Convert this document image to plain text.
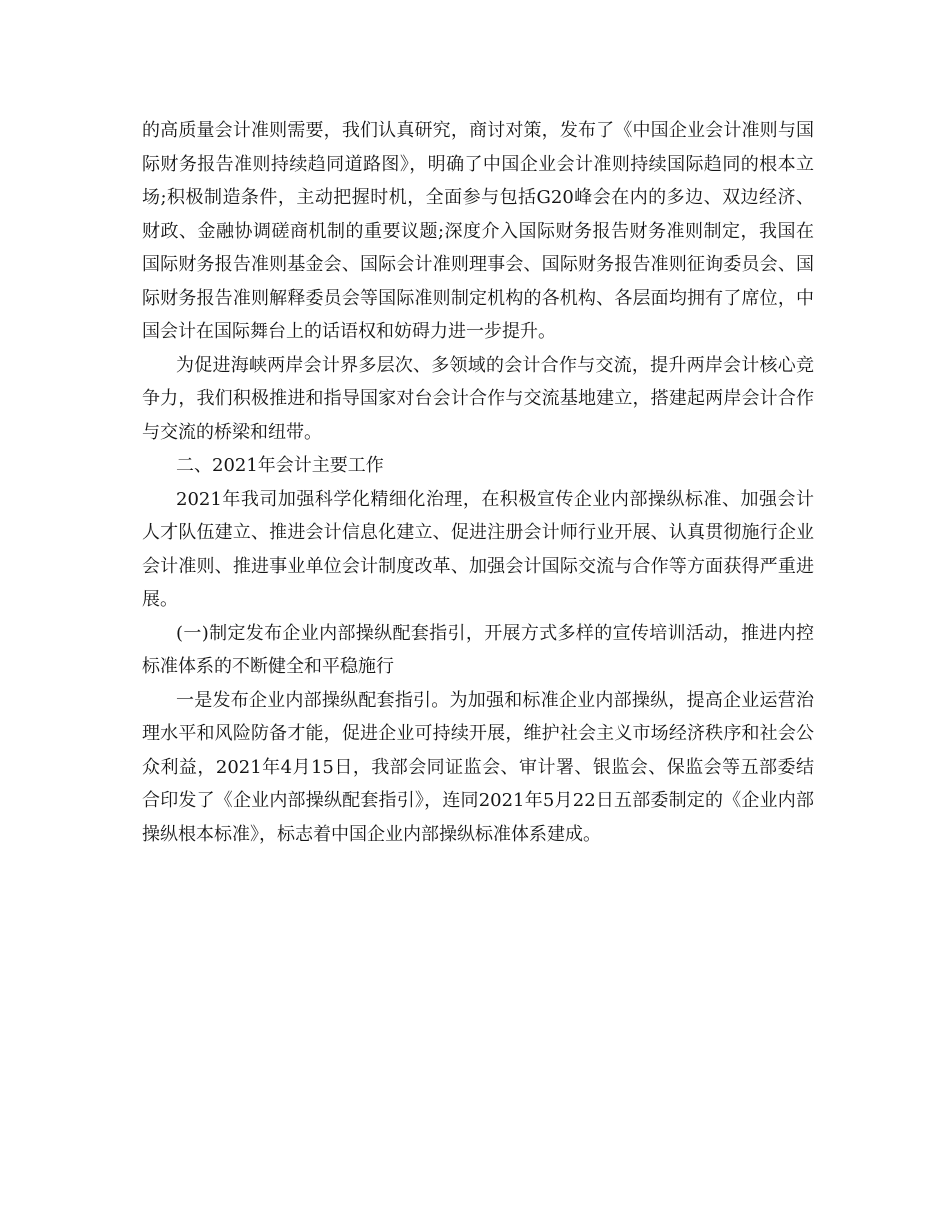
的高质量会计准则需要，我们认真研究，商讨对策，发布了《中国企业会计准则与国际财务报告准则持续趋同道路图》，明确了中国企业会计准则持续国际趋同的根本立场;积极制造条件，主动把握时机，全面参与包括G20峰会在内的多边、双边经济、财政、金融协调磋商机制的重要议题;深度介入国际财务报告财务准则制定，我国在国际财务报告准则基金会、国际会计准则理事会、国际财务报告准则征询委员会、国际财务报告准则解释委员会等国际准则制定机构的各机构、各层面均拥有了席位，中国会计在国际舞台上的话语权和妨碍力进一步提升。

为促进海峡两岸会计界多层次、多领域的会计合作与交流，提升两岸会计核心竞争力，我们积极推进和指导国家对台会计合作与交流基地建立，搭建起两岸会计合作与交流的桥梁和纽带。

二、2021年会计主要工作

2021年我司加强科学化精细化治理，在积极宣传企业内部操纵标准、加强会计人才队伍建立、推进会计信息化建立、促进注册会计师行业开展、认真贯彻施行企业会计准则、推进事业单位会计制度改革、加强会计国际交流与合作等方面获得严重进展。

(一)制定发布企业内部操纵配套指引，开展方式多样的宣传培训活动，推进内控标准体系的不断健全和平稳施行

一是发布企业内部操纵配套指引。为加强和标准企业内部操纵，提高企业运营治理水平和风险防备才能，促进企业可持续开展，维护社会主义市场经济秩序和社会公众利益，2021年4月15日，我部会同证监会、审计署、银监会、保监会等五部委结合印发了《企业内部操纵配套指引》，连同2021年5月22日五部委制定的《企业内部操纵根本标准》，标志着中国企业内部操纵标准体系建成。
